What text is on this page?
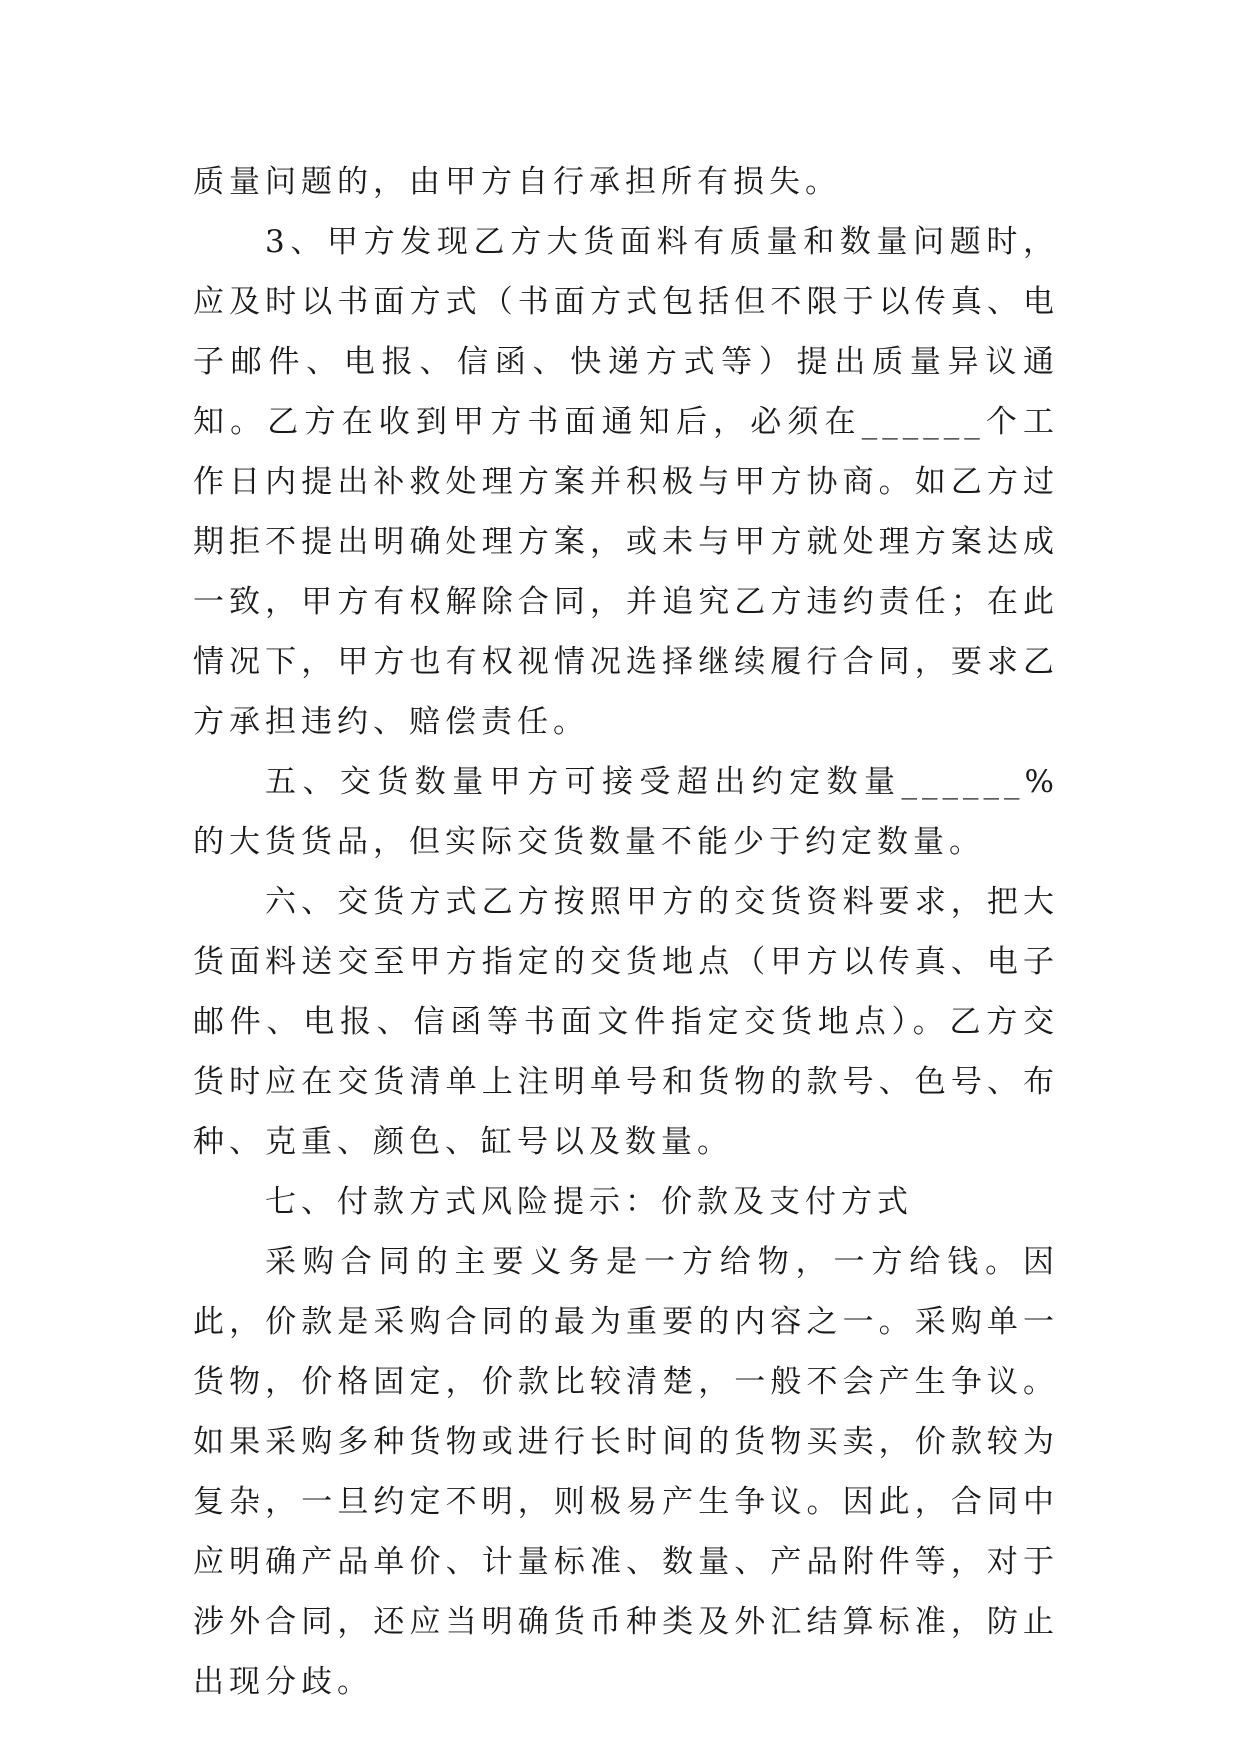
质量问题的，由甲方自行承担所有损失。

3、甲方发现乙方大货面料有质量和数量问题时，应及时以书面方式（书面方式包括但不限于以传真、电子邮件、电报、信函、快递方式等）提出质量异议通知。乙方在收到甲方书面通知后，必须在______个工作日内提出补救处理方案并积极与甲方协商。如乙方过期拒不提出明确处理方案，或未与甲方就处理方案达成一致，甲方有权解除合同，并追究乙方违约责任；在此情况下，甲方也有权视情况选择继续履行合同，要求乙方承担违约、赔偿责任。

五、交货数量甲方可接受超出约定数量______%的大货货品，但实际交货数量不能少于约定数量。

六、交货方式乙方按照甲方的交货资料要求，把大货面料送交至甲方指定的交货地点（甲方以传真、电子邮件、电报、信函等书面文件指定交货地点）。乙方交货时应在交货清单上注明单号和货物的款号、色号、布种、克重、颜色、缸号以及数量。

七、付款方式风险提示：价款及支付方式

采购合同的主要义务是一方给物，一方给钱。因此，价款是采购合同的最为重要的内容之一。采购单一货物，价格固定，价款比较清楚，一般不会产生争议。如果采购多种货物或进行长时间的货物买卖，价款较为复杂，一旦约定不明，则极易产生争议。因此，合同中应明确产品单价、计量标准、数量、产品附件等，对于涉外合同，还应当明确货币种类及外汇结算标准，防止出现分歧。
